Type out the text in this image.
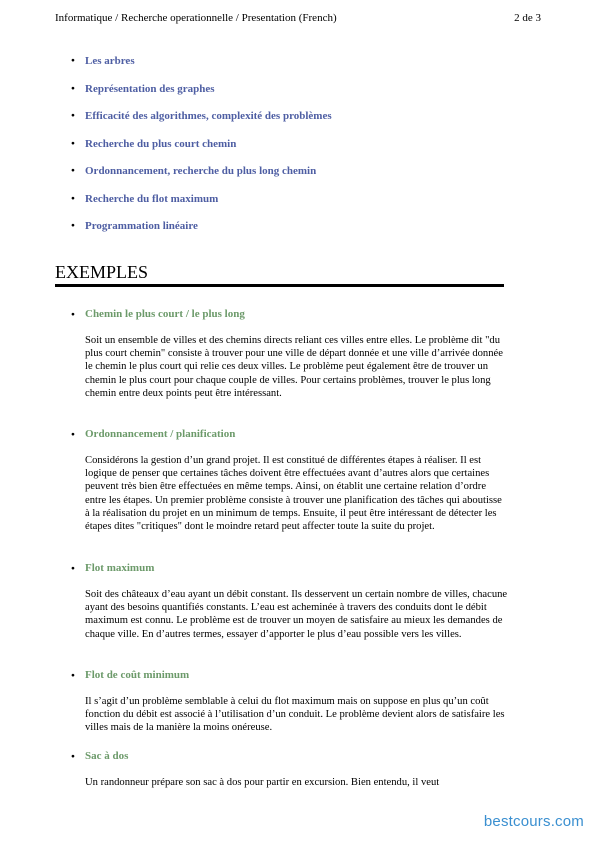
Informatique / Recherche operationnelle / Presentation (French)	2 de 3
● Les arbres
● Représentation des graphes
● Efficacité des algorithmes, complexité des problèmes
● Recherche du plus court chemin
● Ordonnancement, recherche du plus long chemin
● Recherche du flot maximum
● Programmation linéaire
EXEMPLES
● Chemin le plus court / le plus long
Soit un ensemble de villes et des chemins directs reliant ces villes entre elles. Le problème dit "du plus court chemin" consiste à trouver pour une ville de départ donnée et une ville d’arrivée donnée le chemin le plus court qui relie ces deux villes. Le problème peut également être de trouver un chemin le plus court pour chaque couple de villes. Pour certains problèmes, trouver le plus long chemin entre deux points peut être intéressant.
● Ordonnancement / planification
Considérons la gestion d’un grand projet. Il est constitué de différentes étapes à réaliser. Il est logique de penser que certaines tâches doivent être effectuées avant d’autres alors que certaines peuvent très bien être effectuées en même temps. Ainsi, on établit une certaine relation d’ordre entre les étapes. Un premier problème consiste à trouver une planification des tâches qui aboutisse à la réalisation du projet en un minimum de temps. Ensuite, il peut être intéressant de détecter les étapes dites "critiques" dont le moindre retard peut affecter toute la suite du projet.
● Flot maximum
Soit des châteaux d’eau ayant un débit constant. Ils desservent un certain nombre de villes, chacune ayant des besoins quantifiés constants. L’eau est acheminée à travers des conduits dont le débit maximum est connu. Le problème est de trouver un moyen de satisfaire au mieux les demandes de chaque ville. En d’autres termes, essayer d’apporter le plus d’eau possible vers les villes.
● Flot de coût minimum
Il s’agit d’un problème semblable à celui du flot maximum mais on suppose en plus qu’un coût fonction du débit est associé à l’utilisation d’un conduit. Le problème devient alors de satisfaire les villes mais de la manière la moins onéreuse.
● Sac à dos
Un randonneur prépare son sac à dos pour partir en excursion. Bien entendu, il veut
bestcours.com
